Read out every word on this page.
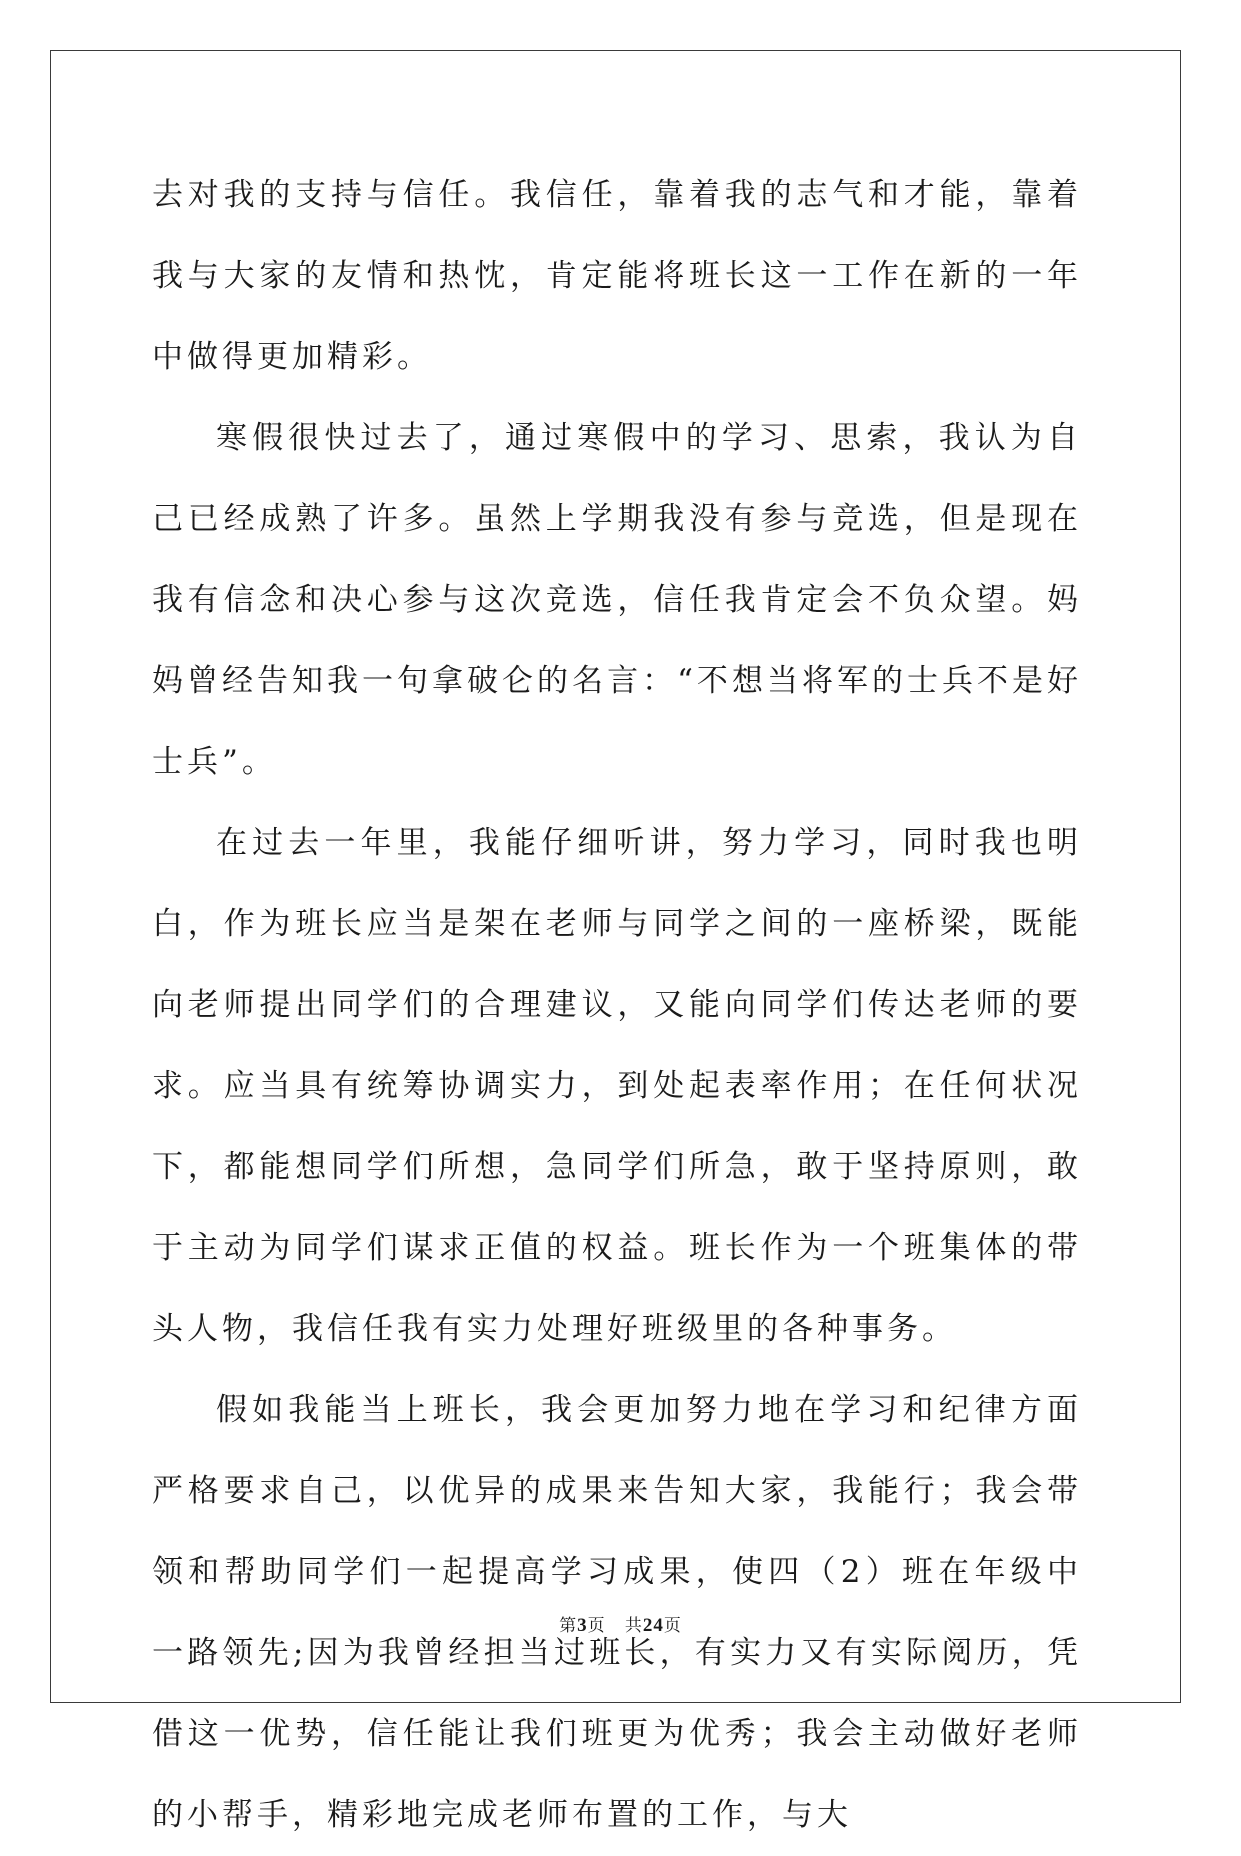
去对我的支持与信任。我信任，靠着我的志气和才能，靠着我与大家的友情和热忱，肯定能将班长这一工作在新的一年中做得更加精彩。

寒假很快过去了，通过寒假中的学习、思索，我认为自己已经成熟了许多。虽然上学期我没有参与竞选，但是现在我有信念和决心参与这次竞选，信任我肯定会不负众望。妈妈曾经告知我一句拿破仑的名言：“不想当将军的士兵不是好士兵”。

在过去一年里，我能仔细听讲，努力学习，同时我也明白，作为班长应当是架在老师与同学之间的一座桥梁，既能向老师提出同学们的合理建议，又能向同学们传达老师的要求。应当具有统筹协调实力，到处起表率作用；在任何状况下，都能想同学们所想，急同学们所急，敢于坚持原则，敢于主动为同学们谋求正值的权益。班长作为一个班集体的带头人物，我信任我有实力处理好班级里的各种事务。

假如我能当上班长，我会更加努力地在学习和纪律方面严格要求自己，以优异的成果来告知大家，我能行；我会带领和帮助同学们一起提高学习成果，使四（2）班在年级中一路领先;因为我曾经担当过班长，有实力又有实际阅历，凭借这一优势，信任能让我们班更为优秀；我会主动做好老师的小帮手，精彩地完成老师布置的工作，与大

第3页 共24页
